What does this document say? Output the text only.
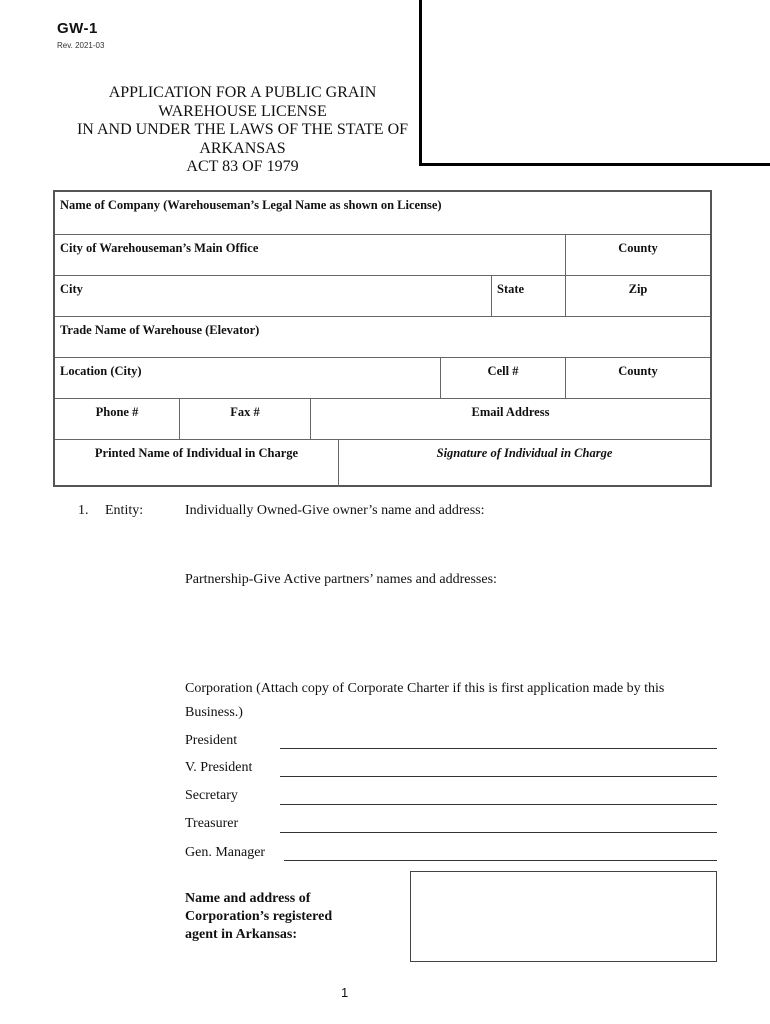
GW-1
Rev. 2021-03
APPLICATION FOR A PUBLIC GRAIN
WAREHOUSE LICENSE
IN AND UNDER THE LAWS OF THE STATE OF
ARKANSAS
ACT 83 OF 1979
Name of Company (Warehouseman’s Legal Name as shown on License)
City of Warehouseman’s Main Office	County
City	State	Zip
Trade Name of Warehouse (Elevator)
Location (City)	Cell #	County
Phone #	Fax #	Email Address
Printed Name of Individual in Charge	Signature of Individual in Charge
1. Entity:	Individually Owned-Give owner’s name and address:
Partnership-Give Active partners’ names and addresses:
Corporation (Attach copy of Corporate Charter if this is first application made by this
Business.)
President
V. President
Secretary
Treasurer
Gen. Manager
Name and address of
Corporation’s registered
agent in Arkansas:
1
